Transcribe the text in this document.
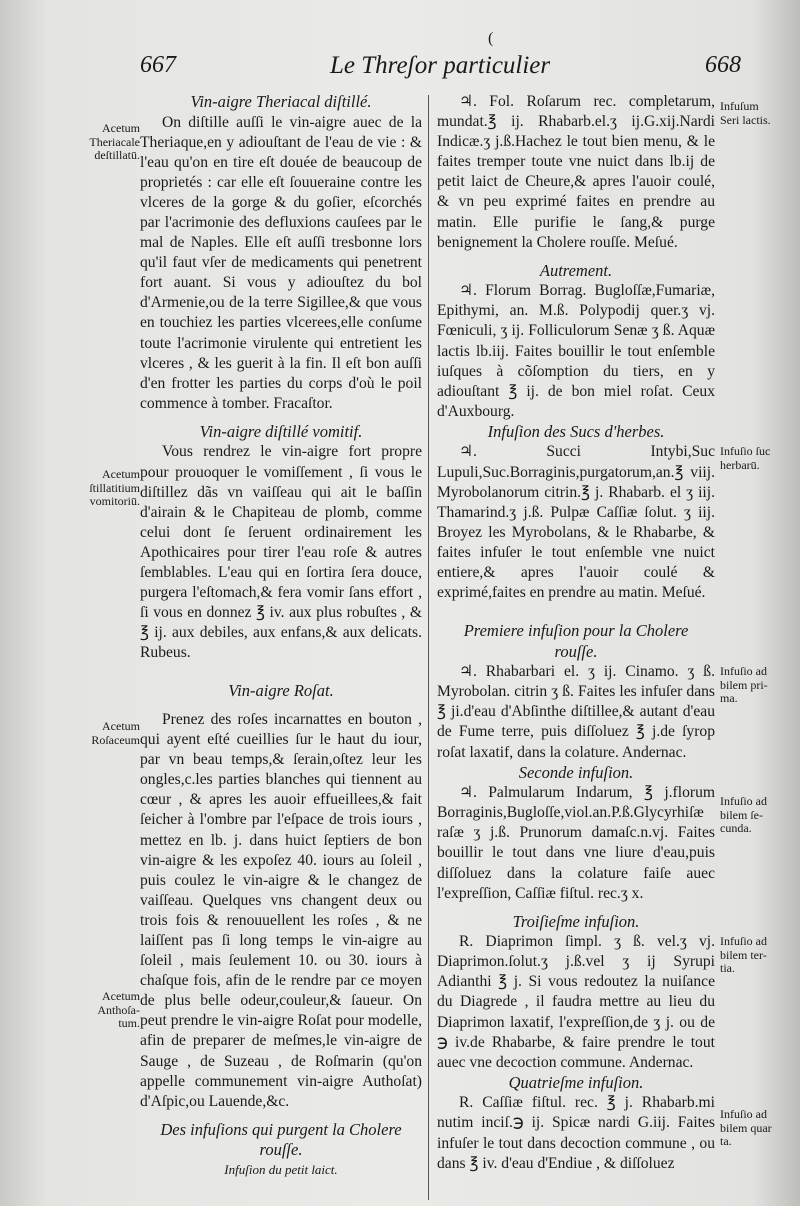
(
667	Le Threʃor particulier	668
Acetum
Theriacale
deſtillatū.
Acetum
ſtillatitium
vomitoriū.
Acetum
Roſaceum
Acetum
Anthoſa-
tum.
Infuſum
Seri lactis.
Infuſio ſuc
herbarū.
Infuſio ad
bilem pri-
ma.
Infuſio ad
bilem ſe-
cunda.
Infuſio ad
bilem ter-
tia.
Infuſio ad
bilem quar
ta.
Vin-aigre Theriacal diſtillé.

On diſtille auſſi le vin-aigre auec de la Theriaque,en y adiouſtant de l'eau de vie : & l'eau qu'on en tire eſt douée de beaucoup de proprietés : car elle eſt ſouueraine contre les vlceres de la gorge & du goſier, eſcorchés par l'acrimonie des defluxions cauſees par le mal de Naples. Elle eſt auſſi tresbonne lors qu'il faut vſer de medicaments qui penetrent fort auant. Si vous y adiouſtez du bol d'Armenie,ou de la terre Sigillee,& que vous en touchiez les parties vlcerees,elle conſume toute l'acrimonie virulente qui entretient les vlceres , & les guerit à la fin. Il eſt bon auſſi d'en frotter les parties du corps d'où le poil commence à tomber. Fracaſtor.

Vin-aigre diſtillé vomitif.

Vous rendrez le vin-aigre fort propre pour prouoquer le vomiſſement , ſi vous le diſtillez dãs vn vaiſſeau qui ait le baſſin d'airain & le Chapiteau de plomb, comme celui dont ſe ſeruent ordinairement les Apothicaires pour tirer l'eau roſe & autres ſemblables. L'eau qui en ſortira ſera douce, purgera l'eſtomach,& fera vomir ſans effort , ſi vous en donnez ℥ iv. aux plus robuſtes , & ℥ ij. aux debiles, aux enfans,& aux delicats. Rubeus.

Vin-aigre Roſat.

Prenez des roſes incarnattes en bouton , qui ayent eſté cueillies ſur le haut du iour, par vn beau temps,& ſerain,oſtez leur les ongles,c.les parties blanches qui tiennent au cœur , & apres les auoir effueillees,& fait ſeicher à l'ombre par l'eſpace de trois iours , mettez en lb. j. dans huict ſeptiers de bon vin-aigre & les expoſez 40. iours au ſoleil , puis coulez le vin-aigre & le changez de vaiſſeau. Quelques vns changent deux ou trois fois & renouuellent les roſes , & ne laiſſent pas ſi long temps le vin-aigre au ſoleil , mais ſeulement 10. ou 30. iours à chaſque fois, afin de le rendre par ce moyen de plus belle odeur,couleur,& ſaueur. On peut prendre le vin-aigre Roſat pour modelle, afin de preparer de meſmes,le vin-aigre de Sauge , de Suzeau , de Roſmarin (qu'on appelle communement vin-aigre Authoſat) d'Aſpic,ou Lauende,&c.

Des infuſions qui purgent la Cholere
rouſſe.
Infuſion du petit laict.

♃. Fol. Roſarum rec. completarum, mundat.℥ ij. Rhabarb.el.ʒ ij.G.xij.Nardi Indicæ.ʒ j.ß.Hachez le tout bien menu, & le faites tremper toute vne nuict dans lb.ij de petit laict de Cheure,& apres l'auoir coulé, & vn peu exprimé faites en prendre au matin. Elle purifie le ſang,& purge benignement la Cholere rouſſe. Meſué.

Autrement.

♃. Florum Borrag. Bugloſſæ,Fumariæ, Epithymi, an. M.ß. Polypodij quer.ʒ vj. Fœniculi, ʒ ij. Folliculorum Senæ ʒ ß. Aquæ lactis lb.iij. Faites bouillir le tout enſemble iuſques à cõſomption du tiers, en y adiouſtant ℥ ij. de bon miel roſat. Ceux d'Auxbourg.

Infuſion des Sucs d'herbes.

♃. Succi Intybi,Suc Lupuli,Suc.Borraginis,purgatorum,an.℥ viij. Myrobolanorum citrin.℥ j. Rhabarb. el ʒ iij. Thamarind.ʒ j.ß. Pulpæ Caſſiæ ſolut. ʒ iij. Broyez les Myrobolans, & le Rhabarbe, & faites infuſer le tout enſemble vne nuict entiere,& apres l'auoir coulé & exprimé,faites en prendre au matin. Meſué.

Premiere infuſion pour la Cholere
rouſſe.

♃. Rhabarbari el. ʒ ij. Cinamo. ʒ ß. Myrobolan. citrin ʒ ß. Faites les infuſer dans ℥ ji.d'eau d'Abſinthe diſtillee,& autant d'eau de Fume terre, puis diſſoluez ℥ j.de ſyrop roſat laxatif, dans la colature. Andernac.

Seconde infuſion.

♃. Palmularum Indarum, ℥ j.florum Borraginis,Bugloſſe,viol.an.P.ß.Glycyrhiſæ raſæ ʒ j.ß. Prunorum damaſc.n.vj. Faites bouillir le tout dans vne liure d'eau,puis diſſoluez dans la colature faiſe auec l'expreſſion, Caſſiæ fiſtul. rec.ʒ x.

Troiſieſme infuſion.

R. Diaprimon ſimpl. ʒ ß. vel.ʒ vj. Diaprimon.ſolut.ʒ j.ß.vel ʒ ij Syrupi Adianthi ℥ j. Si vous redoutez la nuiſance du Diagrede , il faudra mettre au lieu du Diaprimon laxatif, l'expreſſion,de ʒ j. ou de ℈ iv.de Rhabarbe, & faire prendre le tout auec vne decoction commune. Andernac.

Quatrieſme infuſion.

R. Caſſiæ fiſtul. rec. ℥ j. Rhabarb.mi nutim inciſ.℈ ij. Spicæ nardi G.iij. Faites infuſer le tout dans decoction commune , ou dans ℥ iv. d'eau d'Endiue , & diſſoluez
